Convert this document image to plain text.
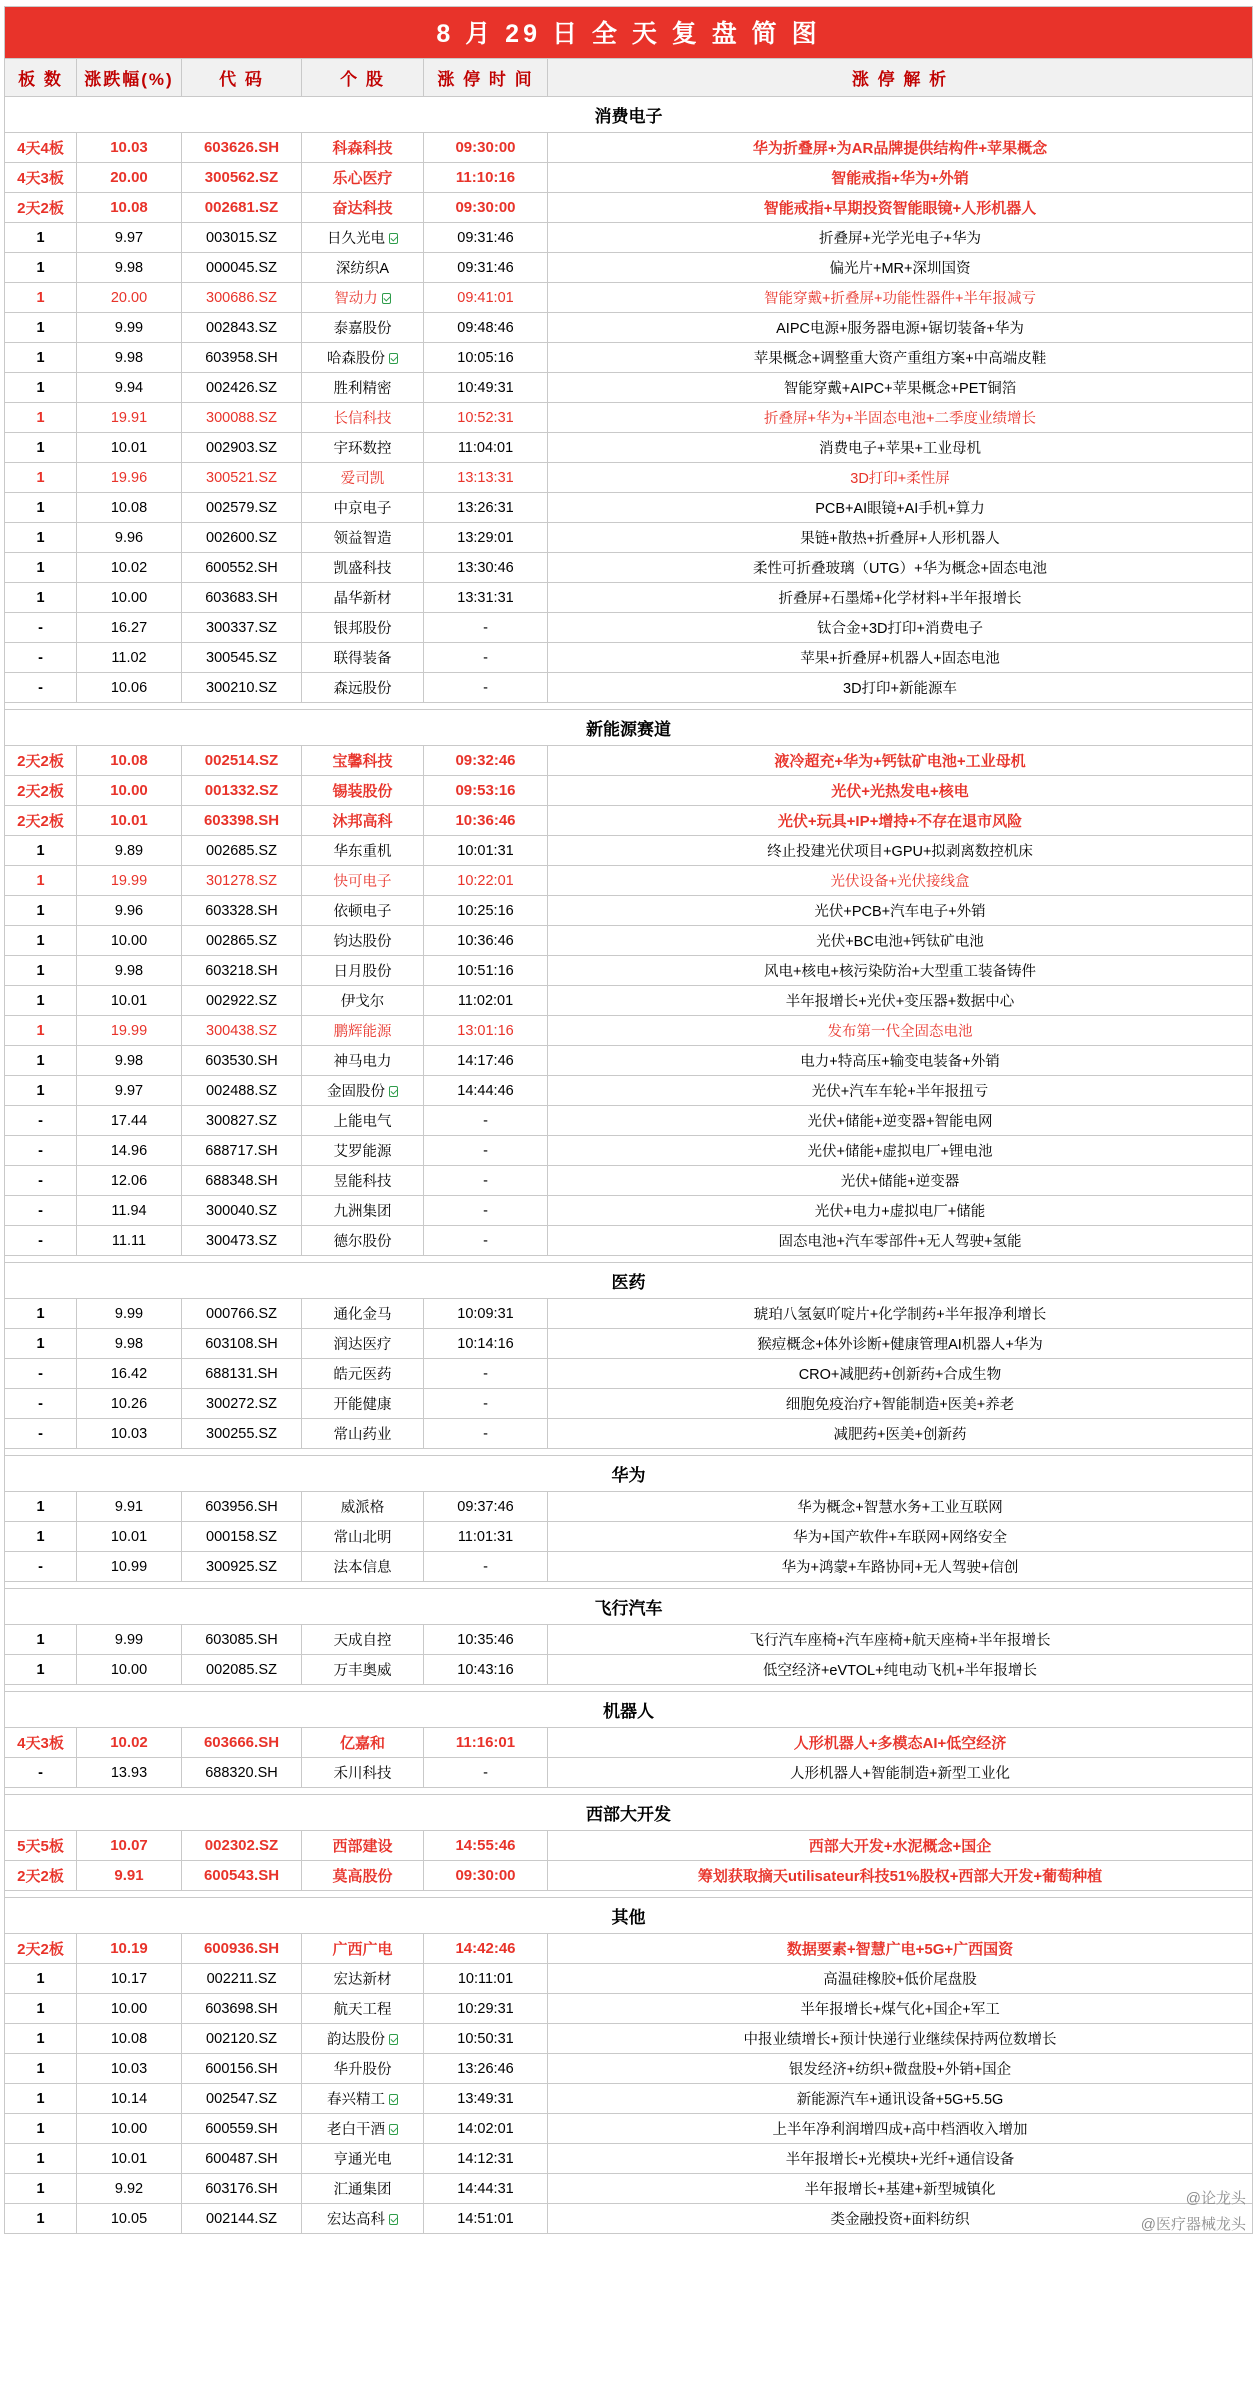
8 月 29 日 全 天 复 盘 简 图					
板 数	涨跌幅(%)	代 码	个 股	涨 停 时 间	涨 停 解 析
消费电子					
4天4板	10.03	603626.SH	科森科技	09:30:00	华为折叠屏+为AR品牌提供结构件+苹果概念
4天3板	20.00	300562.SZ	乐心医疗	11:10:16	智能戒指+华为+外销
2天2板	10.08	002681.SZ	奋达科技	09:30:00	智能戒指+早期投资智能眼镜+人形机器人
1	9.97	003015.SZ	日久光电	09:31:46	折叠屏+光学光电子+华为
1	9.98	000045.SZ	深纺织A	09:31:46	偏光片+MR+深圳国资
1	20.00	300686.SZ	智动力	09:41:01	智能穿戴+折叠屏+功能性器件+半年报减亏
1	9.99	002843.SZ	泰嘉股份	09:48:46	AIPC电源+服务器电源+锯切装备+华为
1	9.98	603958.SH	哈森股份	10:05:16	苹果概念+调整重大资产重组方案+中高端皮鞋
1	9.94	002426.SZ	胜利精密	10:49:31	智能穿戴+AIPC+苹果概念+PET铜箔
1	19.91	300088.SZ	长信科技	10:52:31	折叠屏+华为+半固态电池+二季度业绩增长
1	10.01	002903.SZ	宇环数控	11:04:01	消费电子+苹果+工业母机
1	19.96	300521.SZ	爱司凯	13:13:31	3D打印+柔性屏
1	10.08	002579.SZ	中京电子	13:26:31	PCB+AI眼镜+AI手机+算力
1	9.96	002600.SZ	领益智造	13:29:01	果链+散热+折叠屏+人形机器人
1	10.02	600552.SH	凯盛科技	13:30:46	柔性可折叠玻璃（UTG）+华为概念+固态电池
1	10.00	603683.SH	晶华新材	13:31:31	折叠屏+石墨烯+化学材料+半年报增长
-	16.27	300337.SZ	银邦股份	-	钛合金+3D打印+消费电子
-	11.02	300545.SZ	联得装备	-	苹果+折叠屏+机器人+固态电池
-	10.06	300210.SZ	森远股份	-	3D打印+新能源车

新能源赛道					
2天2板	10.08	002514.SZ	宝馨科技	09:32:46	液冷超充+华为+钙钛矿电池+工业母机
2天2板	10.00	001332.SZ	锡装股份	09:53:16	光伏+光热发电+核电
2天2板	10.01	603398.SH	沐邦高科	10:36:46	光伏+玩具+IP+增持+不存在退市风险
1	9.89	002685.SZ	华东重机	10:01:31	终止投建光伏项目+GPU+拟剥离数控机床
1	19.99	301278.SZ	快可电子	10:22:01	光伏设备+光伏接线盒
1	9.96	603328.SH	依顿电子	10:25:16	光伏+PCB+汽车电子+外销
1	10.00	002865.SZ	钧达股份	10:36:46	光伏+BC电池+钙钛矿电池
1	9.98	603218.SH	日月股份	10:51:16	风电+核电+核污染防治+大型重工装备铸件
1	10.01	002922.SZ	伊戈尔	11:02:01	半年报增长+光伏+变压器+数据中心
1	19.99	300438.SZ	鹏辉能源	13:01:16	发布第一代全固态电池
1	9.98	603530.SH	神马电力	14:17:46	电力+特高压+输变电装备+外销
1	9.97	002488.SZ	金固股份	14:44:46	光伏+汽车车轮+半年报扭亏
-	17.44	300827.SZ	上能电气	-	光伏+储能+逆变器+智能电网
-	14.96	688717.SH	艾罗能源	-	光伏+储能+虚拟电厂+锂电池
-	12.06	688348.SH	昱能科技	-	光伏+储能+逆变器
-	11.94	300040.SZ	九洲集团	-	光伏+电力+虚拟电厂+储能
-	11.11	300473.SZ	德尔股份	-	固态电池+汽车零部件+无人驾驶+氢能

医药					
1	9.99	000766.SZ	通化金马	10:09:31	琥珀八氢氨吖啶片+化学制药+半年报净利增长
1	9.98	603108.SH	润达医疗	10:14:16	猴痘概念+体外诊断+健康管理AI机器人+华为
-	16.42	688131.SH	皓元医药	-	CRO+减肥药+创新药+合成生物
-	10.26	300272.SZ	开能健康	-	细胞免疫治疗+智能制造+医美+养老
-	10.03	300255.SZ	常山药业	-	减肥药+医美+创新药

华为					
1	9.91	603956.SH	威派格	09:37:46	华为概念+智慧水务+工业互联网
1	10.01	000158.SZ	常山北明	11:01:31	华为+国产软件+车联网+网络安全
-	10.99	300925.SZ	法本信息	-	华为+鸿蒙+车路协同+无人驾驶+信创

飞行汽车					
1	9.99	603085.SH	天成自控	10:35:46	飞行汽车座椅+汽车座椅+航天座椅+半年报增长
1	10.00	002085.SZ	万丰奥威	10:43:16	低空经济+eVTOL+纯电动飞机+半年报增长

机器人					
4天3板	10.02	603666.SH	亿嘉和	11:16:01	人形机器人+多模态AI+低空经济
-	13.93	688320.SH	禾川科技	-	人形机器人+智能制造+新型工业化

西部大开发					
5天5板	10.07	002302.SZ	西部建设	14:55:46	西部大开发+水泥概念+国企
2天2板	9.91	600543.SH	莫高股份	09:30:00	筹划获取摘天utilisateur科技51%股权+西部大开发+葡萄种植

其他					
2天2板	10.19	600936.SH	广西广电	14:42:46	数据要素+智慧广电+5G+广西国资
1	10.17	002211.SZ	宏达新材	10:11:01	高温硅橡胶+低价尾盘股
1	10.00	603698.SH	航天工程	10:29:31	半年报增长+煤气化+国企+军工
1	10.08	002120.SZ	韵达股份	10:50:31	中报业绩增长+预计快递行业继续保持两位数增长
1	10.03	600156.SH	华升股份	13:26:46	银发经济+纺织+微盘股+外销+国企
1	10.14	002547.SZ	春兴精工	13:49:31	新能源汽车+通讯设备+5G+5.5G
1	10.00	600559.SH	老白干酒	14:02:01	上半年净利润增四成+高中档酒收入增加
1	10.01	600487.SH	亨通光电	14:12:31	半年报增长+光模块+光纤+通信设备
1	9.92	603176.SH	汇通集团	14:44:31	半年报增长+基建+新型城镇化
1	10.05	002144.SZ	宏达高科	14:51:01	类金融投资+面料纺织
@论龙头
@医疗器械龙头
